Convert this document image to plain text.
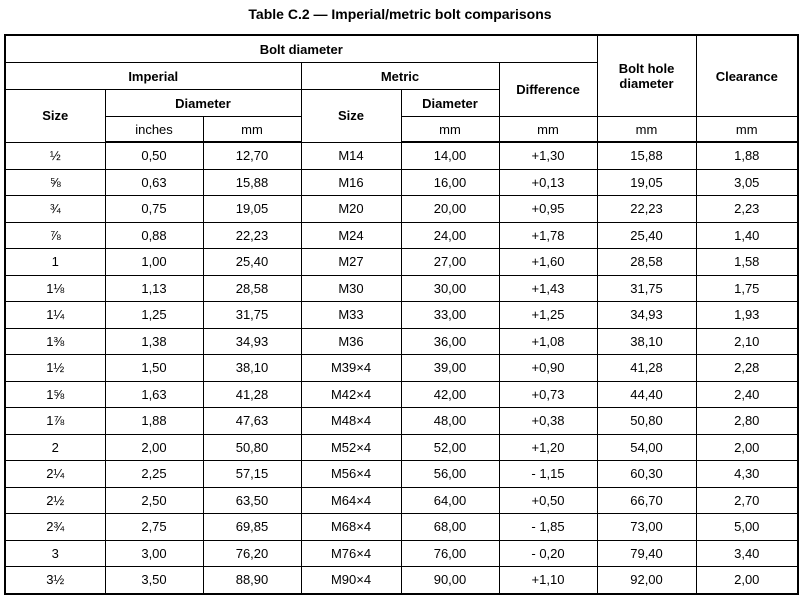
Table C.2 — Imperial/metric bolt comparisons
Bolt diameter						Bolt hole diameter	Clearance
Imperial			Metric		Difference		
Size	Diameter		Size	Diameter			
	inches	mm		mm	mm	mm	mm
½	0,50	12,70	M14	14,00	+1,30	15,88	1,88
⅝	0,63	15,88	M16	16,00	+0,13	19,05	3,05
¾	0,75	19,05	M20	20,00	+0,95	22,23	2,23
⅞	0,88	22,23	M24	24,00	+1,78	25,40	1,40
1	1,00	25,40	M27	27,00	+1,60	28,58	1,58
1⅛	1,13	28,58	M30	30,00	+1,43	31,75	1,75
1¼	1,25	31,75	M33	33,00	+1,25	34,93	1,93
1⅜	1,38	34,93	M36	36,00	+1,08	38,10	2,10
1½	1,50	38,10	M39×4	39,00	+0,90	41,28	2,28
1⅝	1,63	41,28	M42×4	42,00	+0,73	44,40	2,40
1⅞	1,88	47,63	M48×4	48,00	+0,38	50,80	2,80
2	2,00	50,80	M52×4	52,00	+1,20	54,00	2,00
2¼	2,25	57,15	M56×4	56,00	- 1,15	60,30	4,30
2½	2,50	63,50	M64×4	64,00	+0,50	66,70	2,70
2¾	2,75	69,85	M68×4	68,00	- 1,85	73,00	5,00
3	3,00	76,20	M76×4	76,00	- 0,20	79,40	3,40
3½	3,50	88,90	M90×4	90,00	+1,10	92,00	2,00
